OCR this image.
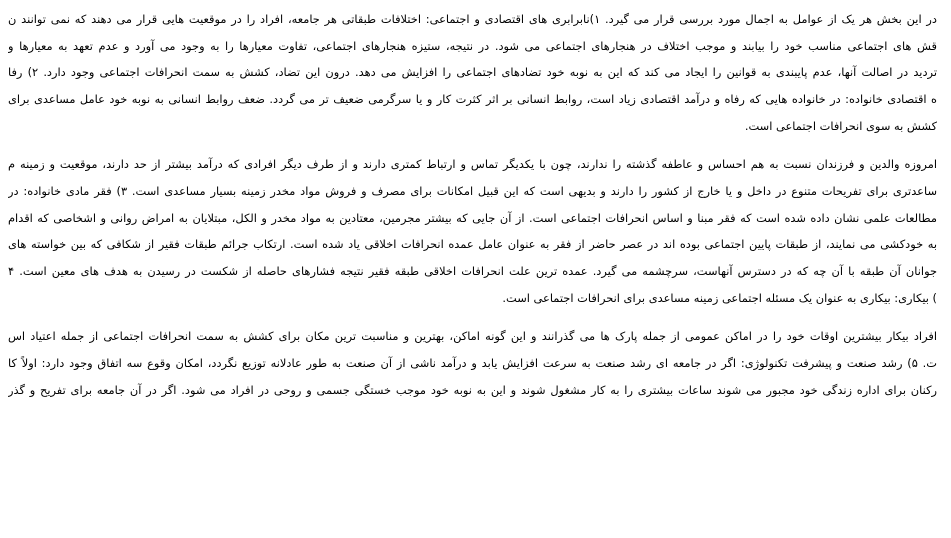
در این بخش هر یک از عوامل به اجمال مورد بررسی قرار می گیرد. ۱)نابرابری های اقتصادی و اجتماعی: اختلافات طبقاتی هر جامعه، افراد را در موقعیت هایی قرار می دهند که نمی توانند ن
قش های اجتماعی مناسب خود را بیابند و موجب اختلاف در هنجارهای اجتماعی می شود. در نتیجه، ستیزه هنجارهای اجتماعی، تفاوت معیارها را به وجود می آورد و عدم تعهد به معیارها و
تردید در اصالت آنها، عدم پایبندی به قوانین را ایجاد می کند که این به نوبه خود تضادهای اجتماعی را افزایش می دهد. درون این تضاد، کشش به سمت انحرافات اجتماعی وجود دارد. ۲) رفا
ه اقتصادی خانواده: در خانواده هایی که رفاه و درآمد اقتصادی زیاد است، روابط انسانی بر اثر کثرت کار و یا سرگرمی ضعیف تر می گردد. ضعف روابط انسانی به نوبه خود عامل مساعدی برای
کشش به سوی انحرافات اجتماعی است.
امروزه والدین و فرزندان نسبت به هم احساس و عاطفه گذشته را ندارند، چون با یکدیگر تماس و ارتباط کمتری دارند و از طرف دیگر افرادی که درآمد بیشتر از حد دارند، موقعیت و زمینه م
ساعدتری برای تفریحات متنوع در داخل و یا خارج از کشور را دارند و بدیهی است که این قبیل امکانات برای مصرف و فروش مواد مخدر زمینه بسیار مساعدی است. ۳) فقر مادی خانواده: در
مطالعات علمی نشان داده شده است که فقر مبنا و اساس انحرافات اجتماعی است. از آن جایی که بیشتر مجرمین، معتادین به مواد مخدر و الکل، مبتلایان به امراض روانی و اشخاصی که اقدام
به خودکشی می نمایند، از طبقات پایین اجتماعی بوده اند در عصر حاضر از فقر به عنوان عامل عمده انحرافات اخلاقی یاد شده است. ارتکاب جرائم طبقات فقیر از شکافی که بین خواسته های
جوانان آن طبقه با آن چه که در دسترس آنهاست، سرچشمه می گیرد. عمده ترین علت انحرافات اخلاقی طبقه فقیر نتیجه فشارهای حاصله از شکست در رسیدن به هدف های معین است. ۴
) بیکاری: بیکاری به عنوان یک مسئله اجتماعی زمینه مساعدی برای انحرافات اجتماعی است.
افراد بیکار بیشترین اوقات خود را در اماکن عمومی از جمله پارک ها می گذرانند و این گونه اماکن، بهترین و مناسبت ترین مکان برای کشش به سمت انحرافات اجتماعی از جمله اعتیاد اس
ت. ۵) رشد صنعت و پیشرفت تکنولوژی: اگر در جامعه ای رشد صنعت به سرعت افزایش یابد و درآمد ناشی از آن صنعت به طور عادلانه توزیع نگردد، امکان وقوع سه اتفاق وجود دارد: اولاً کا
رکنان برای اداره زندگی خود مجبور می شوند ساعات بیشتری را به کار مشغول شوند و این به نوبه خود موجب خستگی جسمی و روحی در افراد می شود. اگر در آن جامعه برای تفریح و گذر
